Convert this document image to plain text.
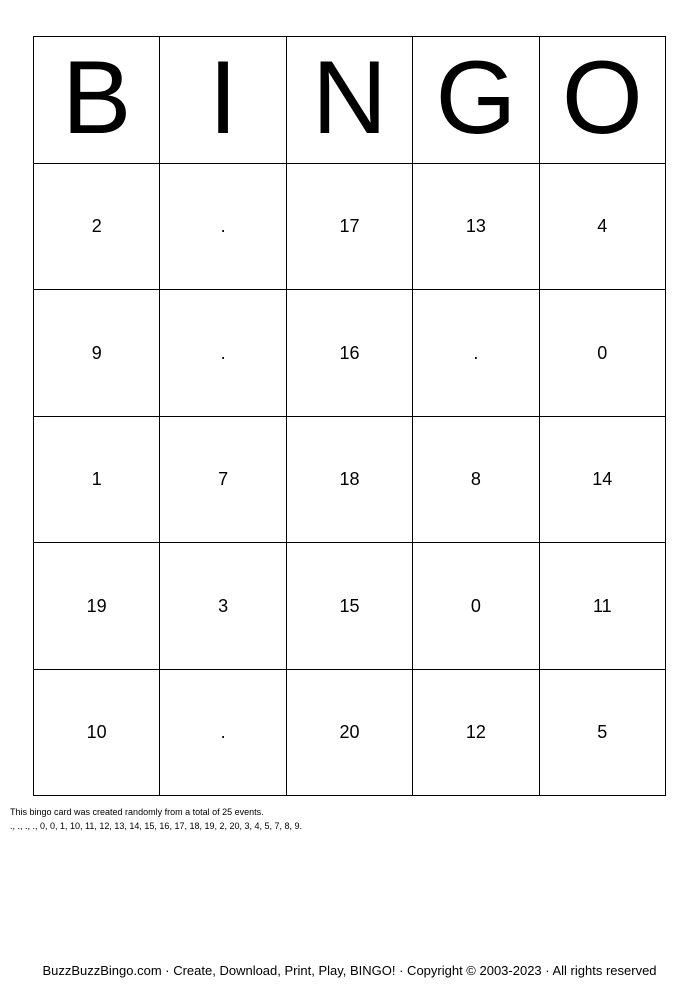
B I N G O
2	.	17	13	4
9	.	16	.	0
1	7	18	8	14
19	3	15	0	11
10	.	20	12	5
This bingo card was created randomly from a total of 25 events.
., ., ., ., 0, 0, 1, 10, 11, 12, 13, 14, 15, 16, 17, 18, 19, 2, 20, 3, 4, 5, 7, 8, 9.
BuzzBuzzBingo.com · Create, Download, Print, Play, BINGO! · Copyright © 2003-2023 · All rights reserved
